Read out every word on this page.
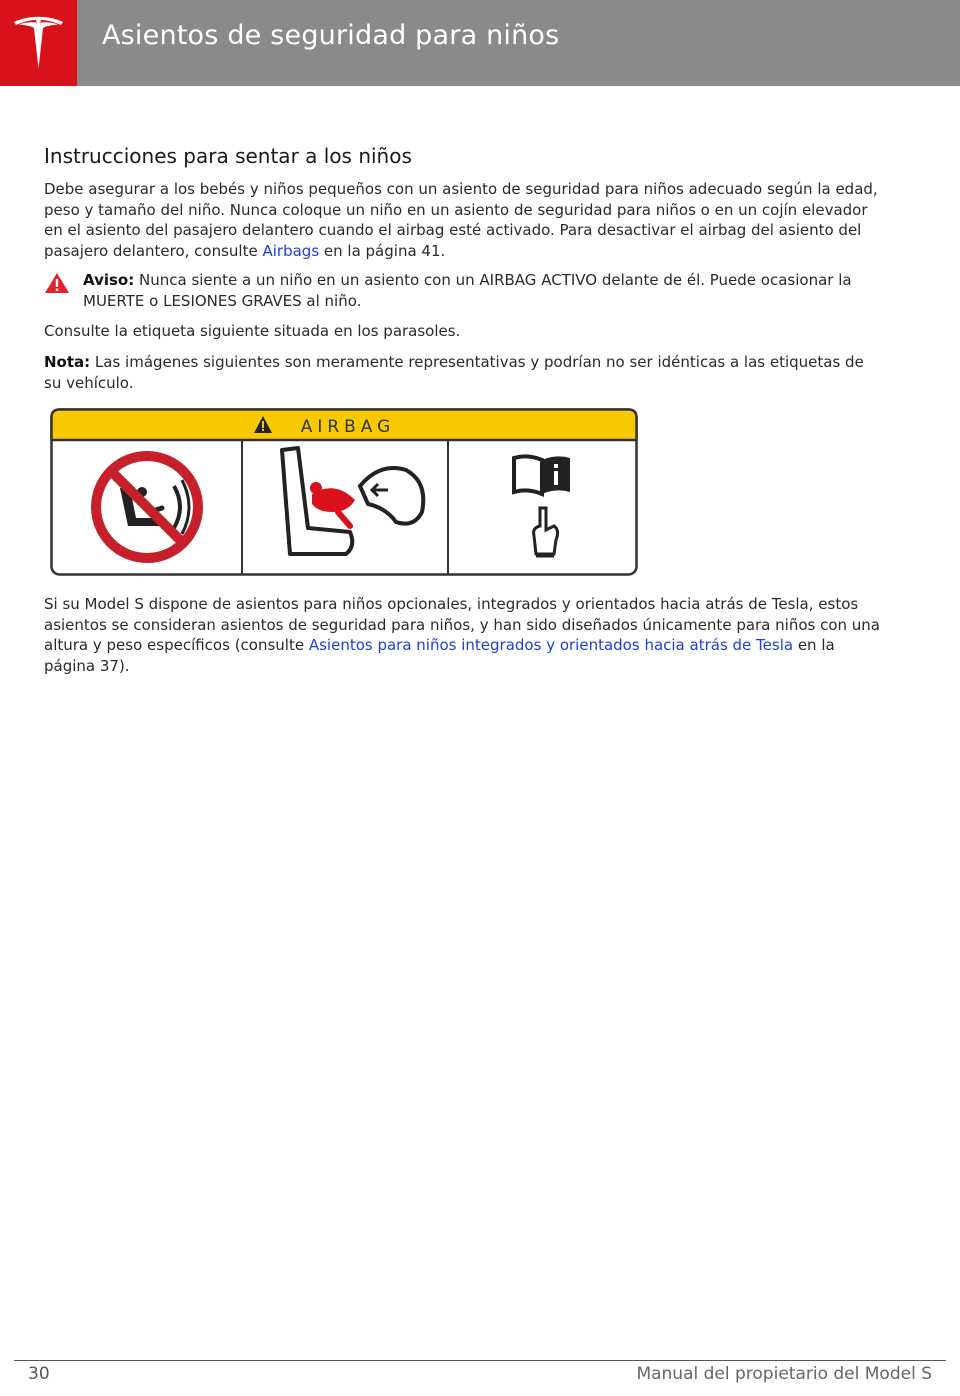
Asientos de seguridad para niños
Instrucciones para sentar a los niños
Debe asegurar a los bebés y niños pequeños con un asiento de seguridad para niños adecuado según la edad, peso y tamaño del niño. Nunca coloque un niño en un asiento de seguridad para niños o en un cojín elevador en el asiento del pasajero delantero cuando el airbag esté activado. Para desactivar el airbag del asiento del pasajero delantero, consulte Airbags en la página 41.
Aviso: Nunca siente a un niño en un asiento con un AIRBAG ACTIVO delante de él. Puede ocasionar la MUERTE o LESIONES GRAVES al niño.
Consulte la etiqueta siguiente situada en los parasoles.
Nota: Las imágenes siguientes son meramente representativas y podrían no ser idénticas a las etiquetas de su vehículo.
AIRBAG
Si su Model S dispone de asientos para niños opcionales, integrados y orientados hacia atrás de Tesla, estos asientos se consideran asientos de seguridad para niños, y han sido diseñados únicamente para niños con una altura y peso específicos (consulte Asientos para niños integrados y orientados hacia atrás de Tesla en la página 37).
30	Manual del propietario del Model S
